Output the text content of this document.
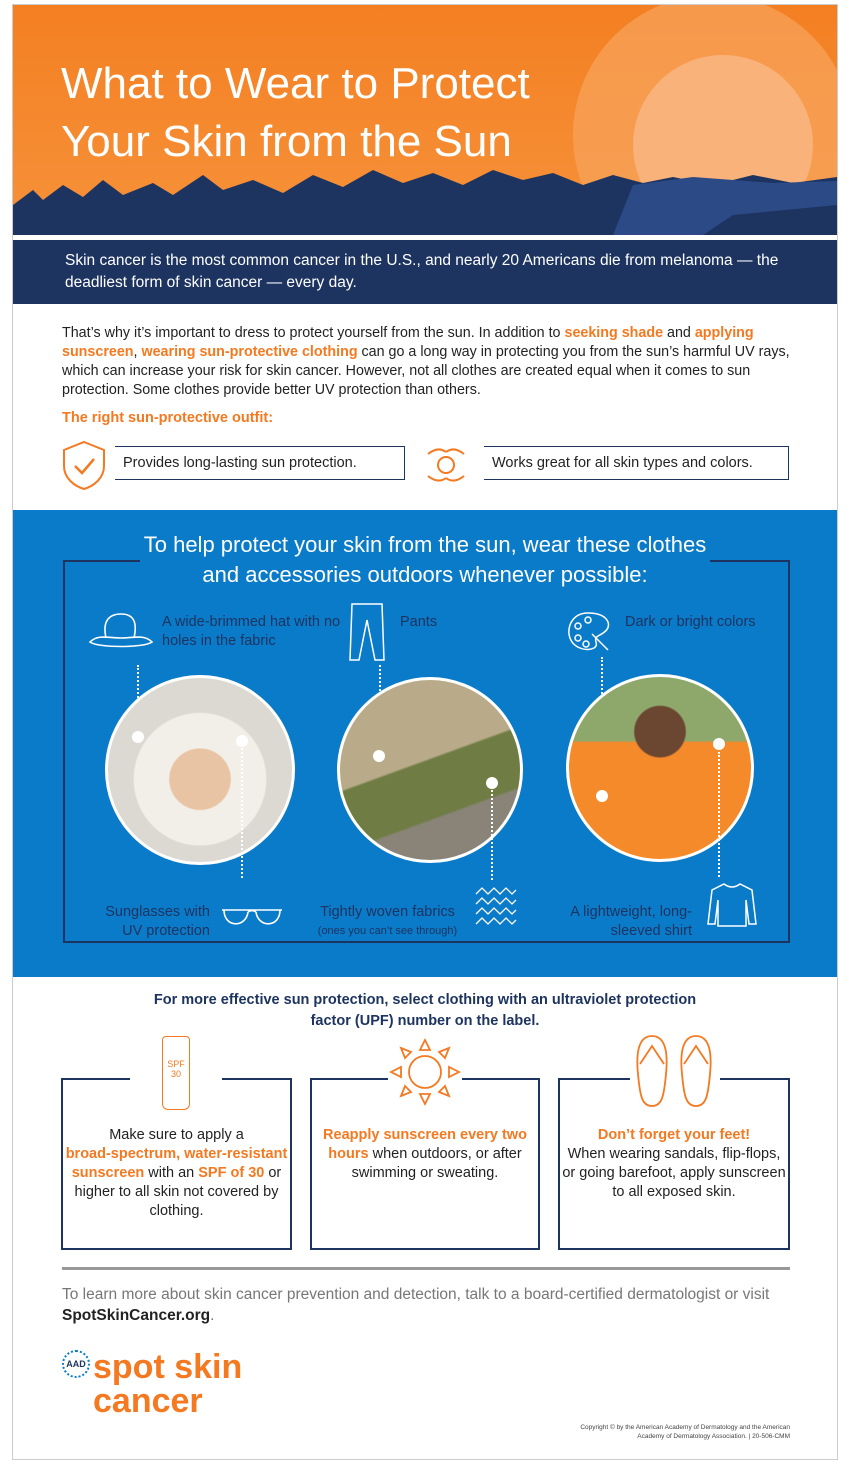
What to Wear to Protect
Your Skin from the Sun
Skin cancer is the most common cancer in the U.S., and nearly 20 Americans die from melanoma — the deadliest form of skin cancer — every day.

That’s why it’s important to dress to protect yourself from the sun. In addition to seeking shade and applying sunscreen, wearing sun-protective clothing can go a long way in protecting you from the sun’s harmful UV rays, which can increase your risk for skin cancer. However, not all clothes are created equal when it comes to sun protection. Some clothes provide better UV protection than others.

The right sun-protective outfit:
Provides long-lasting sun protection.	Works great for all skin types and colors.
To help protect your skin from the sun, wear these clothes and accessories outdoors whenever possible:
A wide-brimmed hat with no holes in the fabric
Pants	Dark or bright colors
Sunglasses with UV protection
Tightly woven fabrics
(ones you can’t see through)
A lightweight, long-sleeved shirt
For more effective sun protection, select clothing with an ultraviolet protection factor (UPF) number on the label.
Make sure to apply a
broad-spectrum, water-resistant sunscreen with an SPF of 30 or higher to all skin not covered by clothing.
SPF 30
Reapply sunscreen every two hours when outdoors, or after swimming or sweating.
Don’t forget your feet!
When wearing sandals, flip-flops, or going barefoot, apply sunscreen to all exposed skin.

To learn more about skin cancer prevention and detection, talk to a board-certified dermatologist or visit SpotSkinCancer.org.

AAD spot skin
cancer
Copyright © by the American Academy of Dermatology and the American
Academy of Dermatology Association. | 20-506-CMM
